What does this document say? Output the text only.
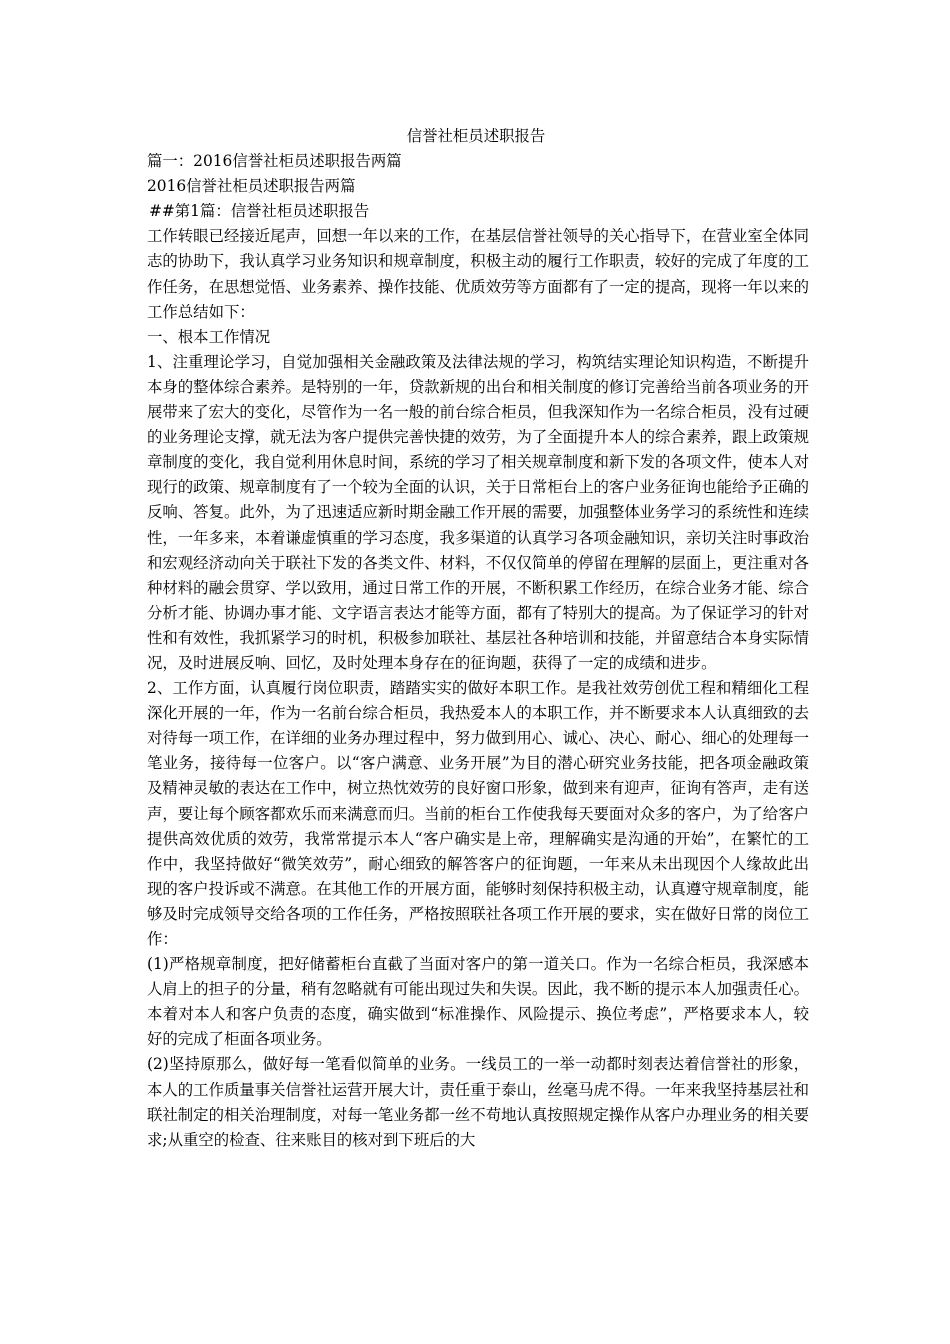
信誉社柜员述职报告

篇一：2016信誉社柜员述职报告两篇

2016信誉社柜员述职报告两篇

##第1篇：信誉社柜员述职报告

工作转眼已经接近尾声，回想一年以来的工作，在基层信誉社领导的关心指导下，在营业室全体同志的协助下，我认真学习业务知识和规章制度，积极主动的履行工作职责，较好的完成了年度的工作任务，在思想觉悟、业务素养、操作技能、优质效劳等方面都有了一定的提高，现将一年以来的工作总结如下：

一、根本工作情况

1、注重理论学习，自觉加强相关金融政策及法律法规的学习，构筑结实理论知识构造，不断提升本身的整体综合素养。是特别的一年，贷款新规的出台和相关制度的修订完善给当前各项业务的开展带来了宏大的变化，尽管作为一名一般的前台综合柜员，但我深知作为一名综合柜员，没有过硬的业务理论支撑，就无法为客户提供完善快捷的效劳，为了全面提升本人的综合素养，跟上政策规章制度的变化，我自觉利用休息时间，系统的学习了相关规章制度和新下发的各项文件，使本人对现行的政策、规章制度有了一个较为全面的认识，关于日常柜台上的客户业务征询也能给予正确的反响、答复。此外，为了迅速适应新时期金融工作开展的需要，加强整体业务学习的系统性和连续性，一年多来，本着谦虚慎重的学习态度，我多渠道的认真学习各项金融知识，亲切关注时事政治和宏观经济动向关于联社下发的各类文件、材料，不仅仅简单的停留在理解的层面上，更注重对各种材料的融会贯穿、学以致用，通过日常工作的开展，不断积累工作经历，在综合业务才能、综合分析才能、协调办事才能、文字语言表达才能等方面，都有了特别大的提高。为了保证学习的针对性和有效性，我抓紧学习的时机，积极参加联社、基层社各种培训和技能，并留意结合本身实际情况，及时进展反响、回忆，及时处理本身存在的征询题，获得了一定的成绩和进步。

2、工作方面，认真履行岗位职责，踏踏实实的做好本职工作。是我社效劳创优工程和精细化工程深化开展的一年，作为一名前台综合柜员，我热爱本人的本职工作，并不断要求本人认真细致的去对待每一项工作，在详细的业务办理过程中，努力做到用心、诚心、决心、耐心、细心的处理每一笔业务，接待每一位客户。以“客户满意、业务开展”为目的潜心研究业务技能，把各项金融政策及精神灵敏的表达在工作中，树立热忱效劳的良好窗口形象，做到来有迎声，征询有答声，走有送声，要让每个顾客都欢乐而来满意而归。当前的柜台工作使我每天要面对众多的客户，为了给客户提供高效优质的效劳，我常常提示本人“客户确实是上帝，理解确实是沟通的开始”，在繁忙的工作中，我坚持做好“微笑效劳”，耐心细致的解答客户的征询题，一年来从未出现因个人缘故此出现的客户投诉或不满意。在其他工作的开展方面，能够时刻保持积极主动，认真遵守规章制度，能够及时完成领导交给各项的工作任务，严格按照联社各项工作开展的要求，实在做好日常的岗位工作：

(1)严格规章制度，把好储蓄柜台直截了当面对客户的第一道关口。作为一名综合柜员，我深感本人肩上的担子的分量，稍有忽略就有可能出现过失和失误。因此，我不断的提示本人加强责任心。本着对本人和客户负责的态度，确实做到“标准操作、风险提示、换位考虑”，严格要求本人，较好的完成了柜面各项业务。

(2)坚持原那么，做好每一笔看似简单的业务。一线员工的一举一动都时刻表达着信誉社的形象，本人的工作质量事关信誉社运营开展大计，责任重于泰山，丝毫马虎不得。一年来我坚持基层社和联社制定的相关治理制度，对每一笔业务都一丝不苟地认真按照规定操作从客户办理业务的相关要求;从重空的检查、往来账目的核对到下班后的大
